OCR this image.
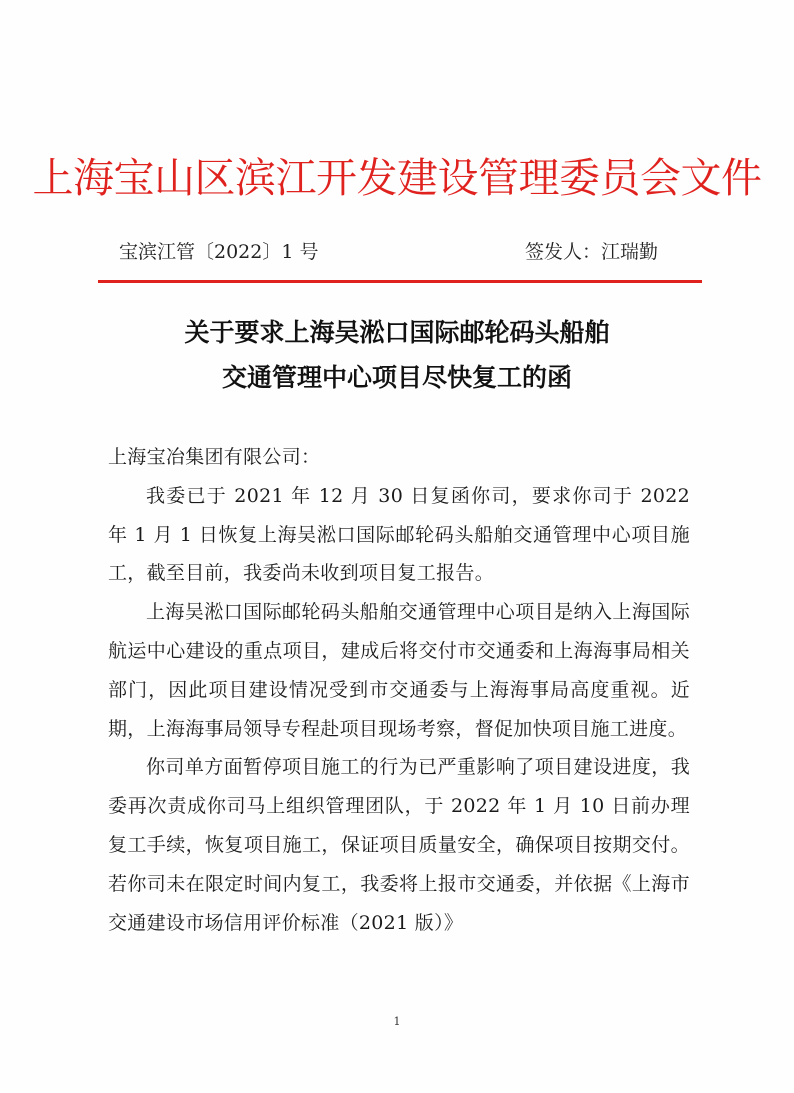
上海宝山区滨江开发建设管理委员会文件
宝滨江管〔2022〕1 号	签发人：江瑞勤
关于要求上海吴淞口国际邮轮码头船舶
交通管理中心项目尽快复工的函

上海宝冶集团有限公司：

我委已于 2021 年 12 月 30 日复函你司，要求你司于 2022 年 1 月 1 日恢复上海吴淞口国际邮轮码头船舶交通管理中心项目施工，截至目前，我委尚未收到项目复工报告。

上海吴淞口国际邮轮码头船舶交通管理中心项目是纳入上海国际航运中心建设的重点项目，建成后将交付市交通委和上海海事局相关部门，因此项目建设情况受到市交通委与上海海事局高度重视。近期，上海海事局领导专程赴项目现场考察，督促加快项目施工进度。

你司单方面暂停项目施工的行为已严重影响了项目建设进度，我委再次责成你司马上组织管理团队，于 2022 年 1 月 10 日前办理复工手续，恢复项目施工，保证项目质量安全，确保项目按期交付。若你司未在限定时间内复工，我委将上报市交通委，并依据《上海市交通建设市场信用评价标准（2021 版）》

1
